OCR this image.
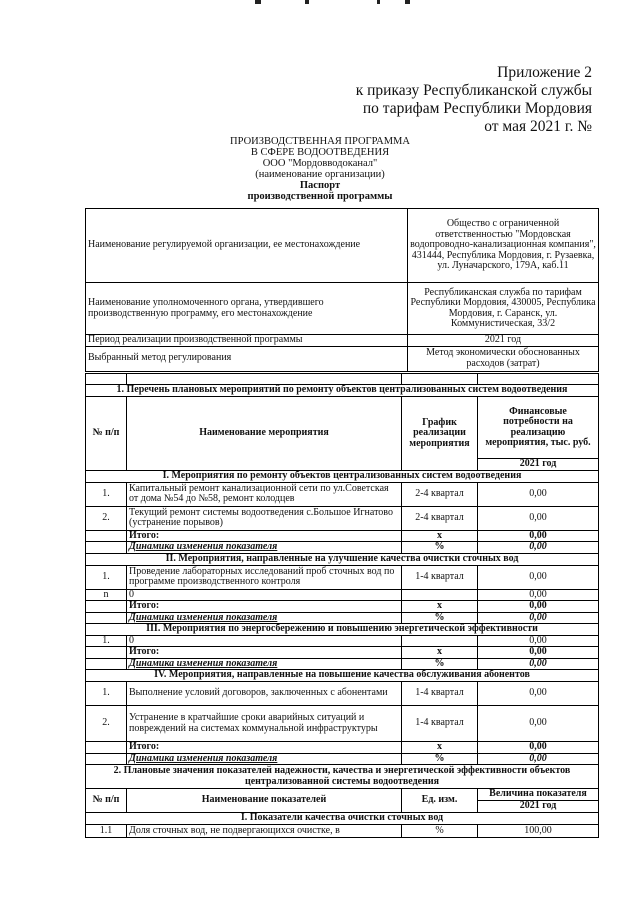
Приложение 2
к приказу Республиканской службы
по тарифам Республики Мордовия
от мая 2021 г. №
ПРОИЗВОДСТВЕННАЯ ПРОГРАММА
В СФЕРЕ ВОДООТВЕДЕНИЯ
ООО "Мордовводоканал"
(наименование организации)
Паспорт
производственной программы
Наименование регулируемой организации, ее местонахождение	Общество с ограниченной ответственностью "Мордовская водопроводно-канализационная компания", 431444, Республика Мордовия, г. Рузаевка, ул. Луначарского, 179А, каб.11
Наименование уполномоченного органа, утвердившего производственную программу, его местонахождение	Республиканская служба по тарифам Республики Мордовия, 430005, Республика Мордовия, г. Саранск, ул. Коммунистическая, 33/2
Период реализации производственной программы	2021 год
Выбранный метод регулирования	Метод экономически обоснованных расходов (затрат)

1. Перечень плановых мероприятий по ремонту объектов централизованных систем водоотведения			
№ п/п	Наименование мероприятия	График реализации мероприятия	Финансовые потребности на реализацию мероприятия, тыс. руб.
			2021 год
I. Мероприятия по ремонту объектов централизованных систем водоотведения			
1.	Капитальный ремонт канализационной сети по ул.Советская от дома №54 до №58, ремонт колодцев	2-4 квартал	0,00
2.	Текущий ремонт системы водоотведения с.Большое Игнатово (устранение порывов)	2-4 квартал	0,00
	Итого:	х	0,00
	Динамика изменения показателя	%	0,00
II. Мероприятия, направленные на улучшение качества очистки сточных вод			
1.	Проведение лабораторных исследований проб сточных вод по программе производственного контроля	1-4 квартал	0,00
n	0		0,00
	Итого:	х	0,00
	Динамика изменения показателя	%	0,00
III. Мероприятия по энергосбережению и повышению энергетической эффективности			
1.	0		0,00
	Итого:	х	0,00
	Динамика изменения показателя	%	0,00
IV. Мероприятия, направленные на повышение качества обслуживания абонентов			
1.	Выполнение условий договоров, заключенных с абонентами	1-4 квартал	0,00
2.	Устранение в кратчайшие сроки аварийных ситуаций и повреждений на системах коммунальной инфраструктуры	1-4 квартал	0,00
	Итого:	х	0,00
	Динамика изменения показателя	%	0,00
2. Плановые значения показателей надежности, качества и энергетической эффективности объектов централизованной системы водоотведения			
№ п/п	Наименование показателей	Ед. изм.	Величина показателя
			2021 год
I. Показатели качества очистки сточных вод			
1.1	Доля сточных вод, не подвергающихся очистке, в	%	100,00
